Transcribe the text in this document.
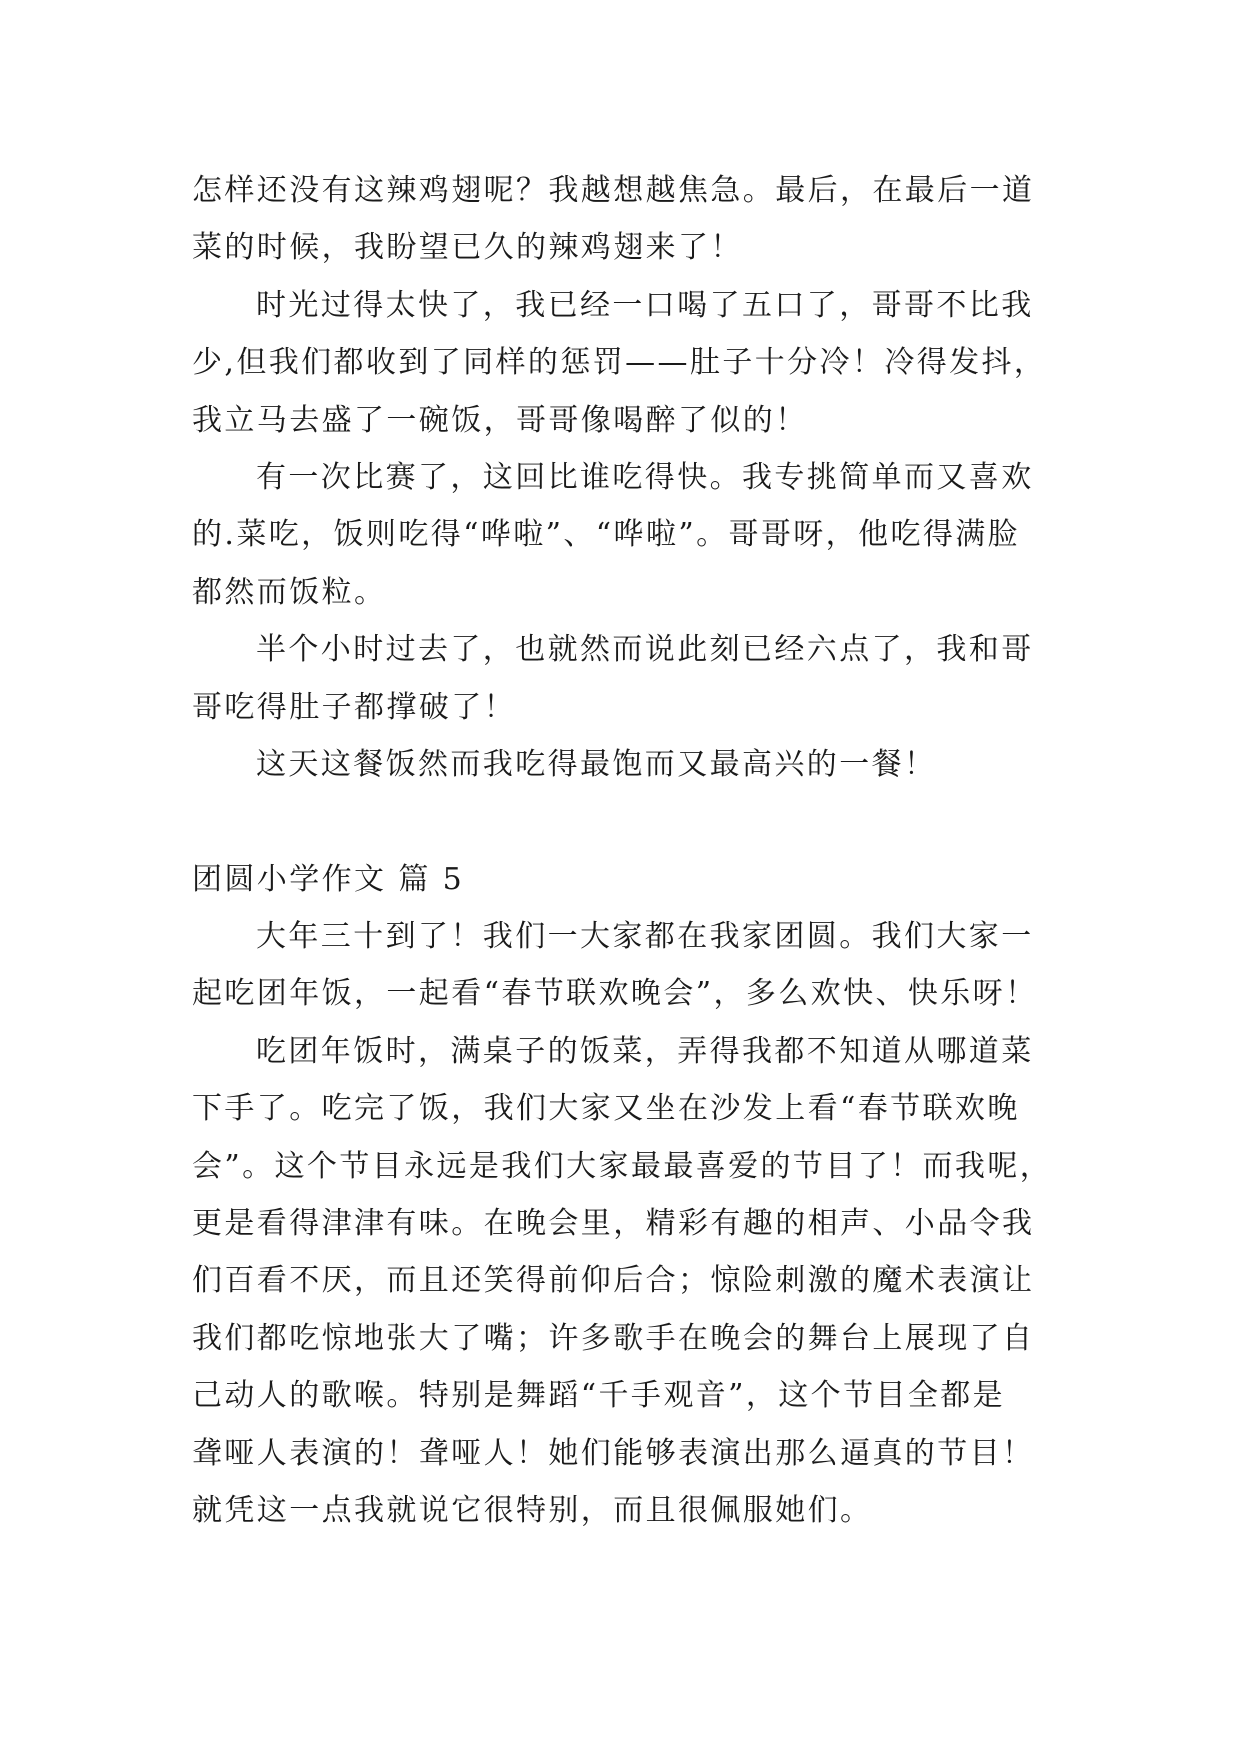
怎样还没有这辣鸡翅呢？我越想越焦急。最后，在最后一道
菜的时候，我盼望已久的辣鸡翅来了！
时光过得太快了，我已经一口喝了五口了，哥哥不比我
少,但我们都收到了同样的惩罚——肚子十分冷！冷得发抖，
我立马去盛了一碗饭，哥哥像喝醉了似的！
有一次比赛了，这回比谁吃得快。我专挑简单而又喜欢
的.菜吃，饭则吃得“哗啦”、“哗啦”。哥哥呀，他吃得满脸
都然而饭粒。
半个小时过去了，也就然而说此刻已经六点了，我和哥
哥吃得肚子都撑破了！
这天这餐饭然而我吃得最饱而又最高兴的一餐！
团圆小学作文 篇 5
大年三十到了！我们一大家都在我家团圆。我们大家一
起吃团年饭，一起看“春节联欢晚会”，多么欢快、快乐呀！
吃团年饭时，满桌子的饭菜，弄得我都不知道从哪道菜
下手了。吃完了饭，我们大家又坐在沙发上看“春节联欢晚
会”。这个节目永远是我们大家最最喜爱的节目了！而我呢，
更是看得津津有味。在晚会里，精彩有趣的相声、小品令我
们百看不厌，而且还笑得前仰后合；惊险刺激的魔术表演让
我们都吃惊地张大了嘴；许多歌手在晚会的舞台上展现了自
己动人的歌喉。特别是舞蹈“千手观音”，这个节目全都是
聋哑人表演的！聋哑人！她们能够表演出那么逼真的节目！
就凭这一点我就说它很特别，而且很佩服她们。
